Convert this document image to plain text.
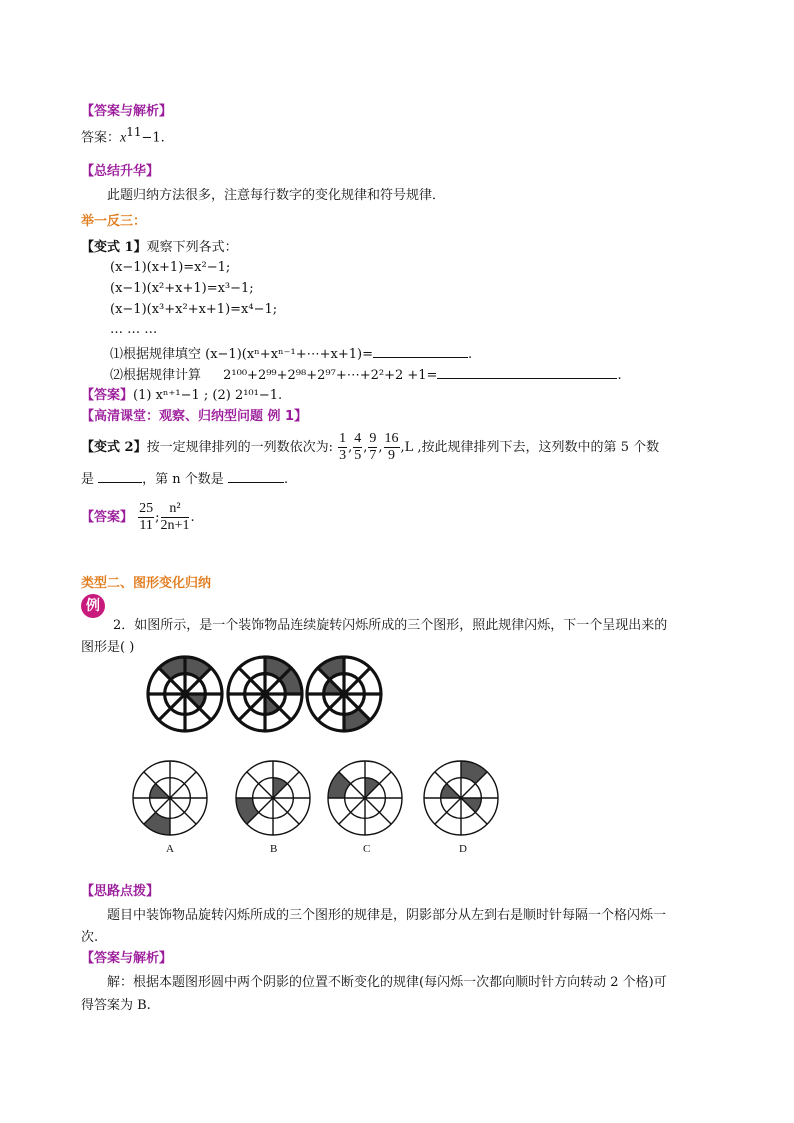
【答案与解析】
答案：$x^{11}-1$.
【总结升华】
此题归纳方法很多，注意每行数字的变化规律和符号规律．
举一反三：
【变式 1】观察下列各式：
(x−1)(x+1)=x²−1;
(x−1)(x²+x+1)=x³−1;
(x−1)(x³+x²+x+1)=x⁴−1;
… … …
⑴根据规律填空 (x−1)(xⁿ+xⁿ⁻¹+⋯+x+1)=	.
⑵根据规律计算 2¹⁰⁰+2⁹⁹+2⁹⁸+2⁹⁷+⋯+2²+2 +1=	.
【答案】(1) xⁿ⁺¹−1 ; (2) 2¹⁰¹−1.
【高清课堂：观察、归纳型问题 例 1】
【变式 2】按一定规律排列的一列数依次为: $\frac{1}{3}$ , $\frac{4}{5}$ , $\frac{9}{7}$ , $\frac{16}{9} ,L$ ,按此规律排列下去，这列数中的第 5 个数
是	，第 n 个数是	.
【答案】 $\frac{25}{11}$ ; $\frac{\text{n²}}{2n+1}$ .
类型二、图形变化归纳
例
2．如图所示，是一个装饰物品连续旋转闪烁所成的三个图形，照此规律闪烁，下一个呈现出来的
图形是( )
A	B	C	D
【思路点拨】
题目中装饰物品旋转闪烁所成的三个图形的规律是，阴影部分从左到右是顺时针每隔一个格闪烁一
次.
【答案与解析】
解：根据本题图形圆中两个阴影的位置不断变化的规律(每闪烁一次都向顺时针方向转动 2 个格)可
得答案为 B.
